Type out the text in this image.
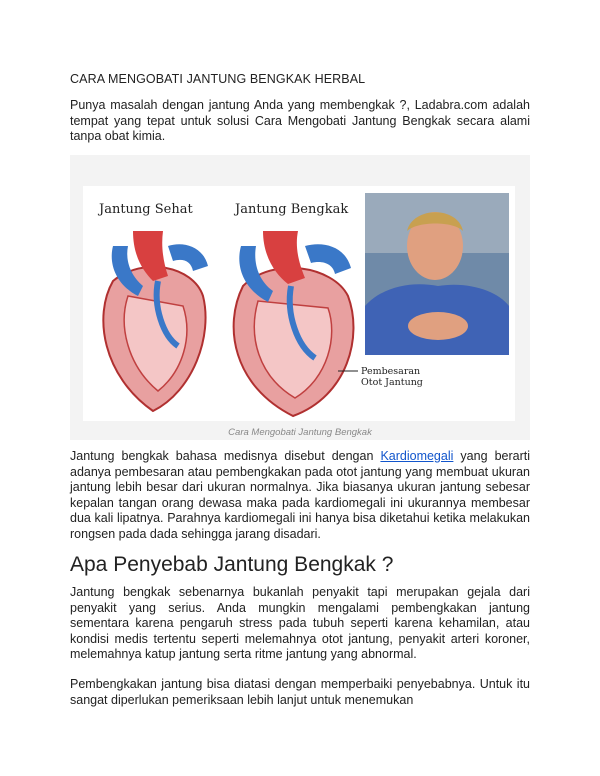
CARA MENGOBATI JANTUNG BENGKAK HERBAL
Punya masalah dengan jantung Anda yang membengkak ?, Ladabra.com adalah tempat yang tepat untuk solusi Cara Mengobati Jantung Bengkak secara alami tanpa obat kimia.
Jantung Sehat	Jantung Bengkak
Pembesaran
Otot Jantung
Cara Mengobati Jantung Bengkak
Jantung bengkak bahasa medisnya disebut dengan Kardiomegali yang berarti adanya pembesaran atau pembengkakan pada otot jantung yang membuat ukuran jantung lebih besar dari ukuran normalnya. Jika biasanya ukuran jantung sebesar kepalan tangan orang dewasa maka pada kardiomegali ini ukurannya membesar dua kali lipatnya. Parahnya kardiomegali ini hanya bisa diketahui ketika melakukan rongsen pada dada sehingga jarang disadari.
Apa Penyebab Jantung Bengkak ?
Jantung bengkak sebenarnya bukanlah penyakit tapi merupakan gejala dari penyakit yang serius. Anda mungkin mengalami pembengkakan jantung sementara karena pengaruh stress pada tubuh seperti karena kehamilan, atau kondisi medis tertentu seperti melemahnya otot jantung, penyakit arteri koroner, melemahnya katup jantung serta ritme jantung yang abnormal.
Pembengkakan jantung bisa diatasi dengan memperbaiki penyebabnya. Untuk itu sangat diperlukan pemeriksaan lebih lanjut untuk menemukan
